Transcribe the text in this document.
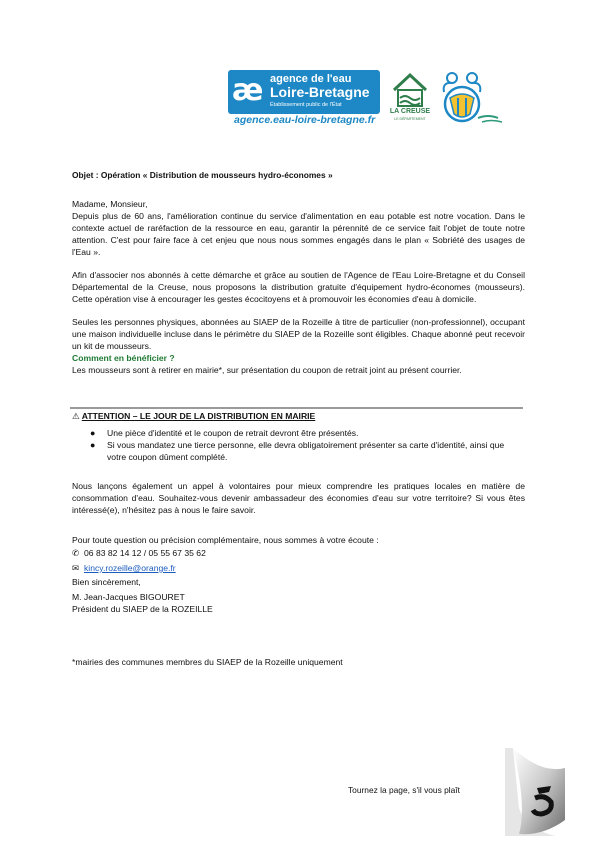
æ agence de l'eau
Loire-Bretagne
Établissement public de l'État
agence.eau-loire-bretagne.fr
LA CREUSE
LE DÉPARTEMENT
Objet : Opération « Distribution de mousseurs hydro-économes »
Madame, Monsieur,
Depuis plus de 60 ans, l'amélioration continue du service d'alimentation en eau potable est notre vocation. Dans le contexte actuel de raréfaction de la ressource en eau, garantir la pérennité de ce service fait l'objet de toute notre attention. C'est pour faire face à cet enjeu que nous nous sommes engagés dans le plan « Sobriété des usages de l'Eau ».
Afin d'associer nos abonnés à cette démarche et grâce au soutien de l'Agence de l'Eau Loire-Bretagne et du Conseil Départemental de la Creuse, nous proposons la distribution gratuite d'équipement hydro-économes (mousseurs). Cette opération vise à encourager les gestes écocitoyens et à promouvoir les économies d'eau à domicile.
Seules les personnes physiques, abonnées au SIAEP de la Rozeille à titre de particulier (non-professionnel), occupant une maison individuelle incluse dans le périmètre du SIAEP de la Rozeille sont éligibles. Chaque abonné peut recevoir un kit de mousseurs.
Comment en bénéficier ?
Les mousseurs sont à retirer en mairie*, sur présentation du coupon de retrait joint au présent courrier.
⚠ ATTENTION – LE JOUR DE LA DISTRIBUTION EN MAIRIE
● Une pièce d'identité et le coupon de retrait devront être présentés.
● Si vous mandatez une tierce personne, elle devra obligatoirement présenter sa carte d'identité, ainsi que votre coupon dûment complété.
Nous lançons également un appel à volontaires pour mieux comprendre les pratiques locales en matière de consommation d'eau. Souhaitez-vous devenir ambassadeur des économies d'eau sur votre territoire? Si vous êtes intéressé(e), n'hésitez pas à nous le faire savoir.
Pour toute question ou précision complémentaire, nous sommes à votre écoute :
✆ 06 83 82 14 12 / 05 55 67 35 62
✉ kincy.rozeille@orange.fr
Bien sincèrement,
M. Jean-Jacques BIGOURET
Président du SIAEP de la ROZEILLE
*mairies des communes membres du SIAEP de la Rozeille uniquement
Tournez la page, s'il vous plaît
